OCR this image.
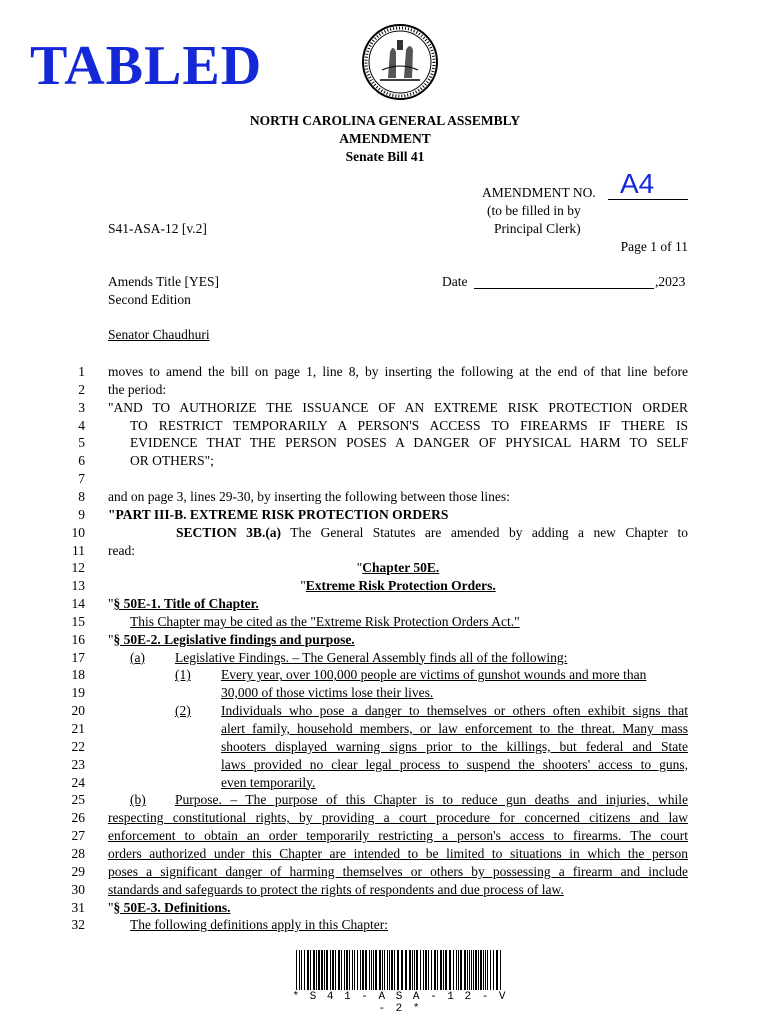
TABLED
NORTH CAROLINA GENERAL ASSEMBLY
AMENDMENT
Senate Bill 41
AMENDMENT NO. A4
(to be filled in by
Principal Clerk)
S41-ASA-12 [v.2]
Page 1 of 11
Amends Title [YES]
Second Edition
Date	,2023
Senator Chaudhuri
1 moves to amend the bill on page 1, line 8, by inserting the following at the end of that line before
2 the period:
3 "AND TO AUTHORIZE THE ISSUANCE OF AN EXTREME RISK PROTECTION ORDER
4	TO RESTRICT TEMPORARILY A PERSON'S ACCESS TO FIREARMS IF THERE IS
5	EVIDENCE THAT THE PERSON POSES A DANGER OF PHYSICAL HARM TO SELF
6	OR OTHERS";
7
8 and on page 3, lines 29-30, by inserting the following between those lines:
9 "PART III-B. EXTREME RISK PROTECTION ORDERS
10	SECTION 3B.(a) The General Statutes are amended by adding a new Chapter to
11 read:
12	"Chapter 50E.
13	"Extreme Risk Protection Orders.
14 "§ 50E-1. Title of Chapter.
15	This Chapter may be cited as the "Extreme Risk Protection Orders Act."
16 "§ 50E-2. Legislative findings and purpose.
17	(a) Legislative Findings. – The General Assembly finds all of the following:
18	(1) Every year, over 100,000 people are victims of gunshot wounds and more than
19	30,000 of those victims lose their lives.
20	(2) Individuals who pose a danger to themselves or others often exhibit signs that
21	alert family, household members, or law enforcement to the threat. Many mass
22	shooters displayed warning signs prior to the killings, but federal and State
23	laws provided no clear legal process to suspend the shooters' access to guns,
24	even temporarily.
25	(b) Purpose. – The purpose of this Chapter is to reduce gun deaths and injuries, while
26 respecting constitutional rights, by providing a court procedure for concerned citizens and law
27 enforcement to obtain an order temporarily restricting a person's access to firearms. The court
28 orders authorized under this Chapter are intended to be limited to situations in which the person
29 poses a significant danger of harming themselves or others by possessing a firearm and include
30 standards and safeguards to protect the rights of respondents and due process of law.
31 "§ 50E-3. Definitions.
32	The following definitions apply in this Chapter:
* S 4 1 - A S A - 1 2 - V - 2 *
